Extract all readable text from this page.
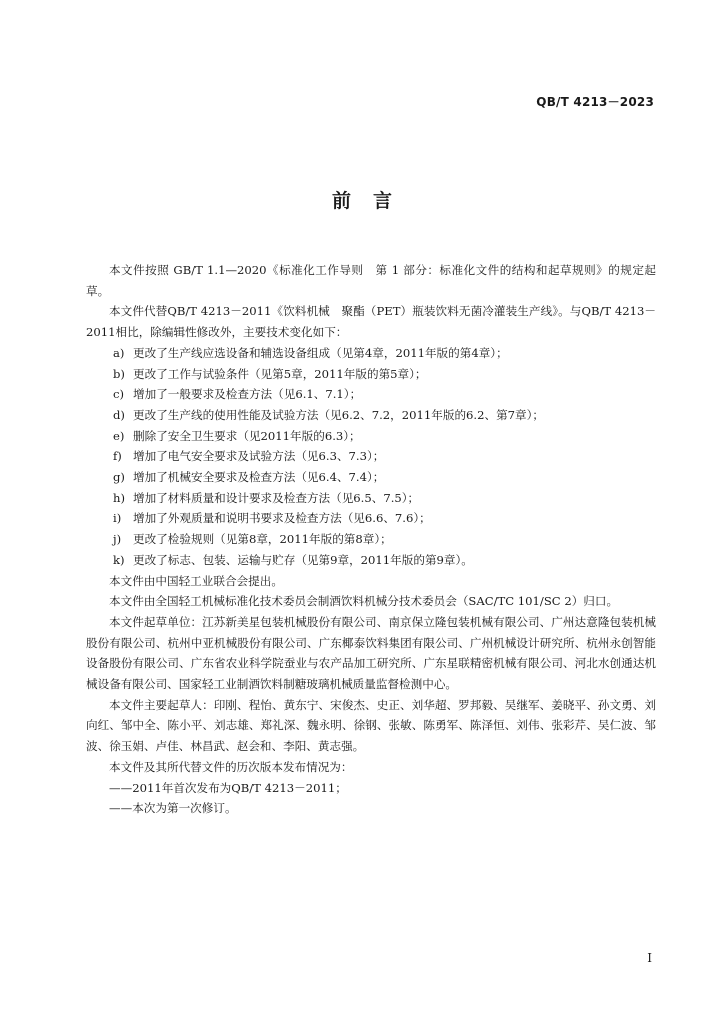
QB/T 4213－2023
前言

本文件按照 GB/T 1.1—2020《标准化工作导则　第 1 部分：标准化文件的结构和起草规则》的规定起草。

本文件代替QB/T 4213－2011《饮料机械　聚酯（PET）瓶装饮料无菌冷灌装生产线》。与QB/T 4213－2011相比，除编辑性修改外，主要技术变化如下：

a) 更改了生产线应选设备和辅选设备组成（见第4章，2011年版的第4章）；
b) 更改了工作与试验条件（见第5章，2011年版的第5章）；
c) 增加了一般要求及检查方法（见6.1、7.1）；
d) 更改了生产线的使用性能及试验方法（见6.2、7.2，2011年版的6.2、第7章）；
e) 删除了安全卫生要求（见2011年版的6.3）；
f) 增加了电气安全要求及试验方法（见6.3、7.3）；
g) 增加了机械安全要求及检查方法（见6.4、7.4）；
h) 增加了材料质量和设计要求及检查方法（见6.5、7.5）；
i)	增加了外观质量和说明书要求及检查方法（见6.6、7.6）；
j)	更改了检验规则（见第8章，2011年版的第8章）；
k) 更改了标志、包装、运输与贮存（见第9章，2011年版的第9章）。

本文件由中国轻工业联合会提出。

本文件由全国轻工机械标准化技术委员会制酒饮料机械分技术委员会（SAC/TC 101/SC 2）归口。

本文件起草单位：江苏新美星包装机械股份有限公司、南京保立隆包装机械有限公司、广州达意隆包装机械股份有限公司、杭州中亚机械股份有限公司、广东椰泰饮料集团有限公司、广州机械设计研究所、杭州永创智能设备股份有限公司、广东省农业科学院蚕业与农产品加工研究所、广东星联精密机械有限公司、河北水创通达机械设备有限公司、国家轻工业制酒饮料制糖玻璃机械质量监督检测中心。

本文件主要起草人：印刚、程怡、黄东宁、宋俊杰、史正、刘华超、罗邦毅、吴继军、姜晓平、孙文勇、刘向红、邹中全、陈小平、刘志雄、郑礼深、魏永明、徐钢、张敏、陈勇军、陈泽恒、刘伟、张彩芹、吴仁波、邹波、徐玉娟、卢佳、林昌武、赵会和、李阳、黄志强。

本文件及其所代替文件的历次版本发布情况为：

——2011年首次发布为QB/T 4213－2011；

——本次为第一次修订。

I
